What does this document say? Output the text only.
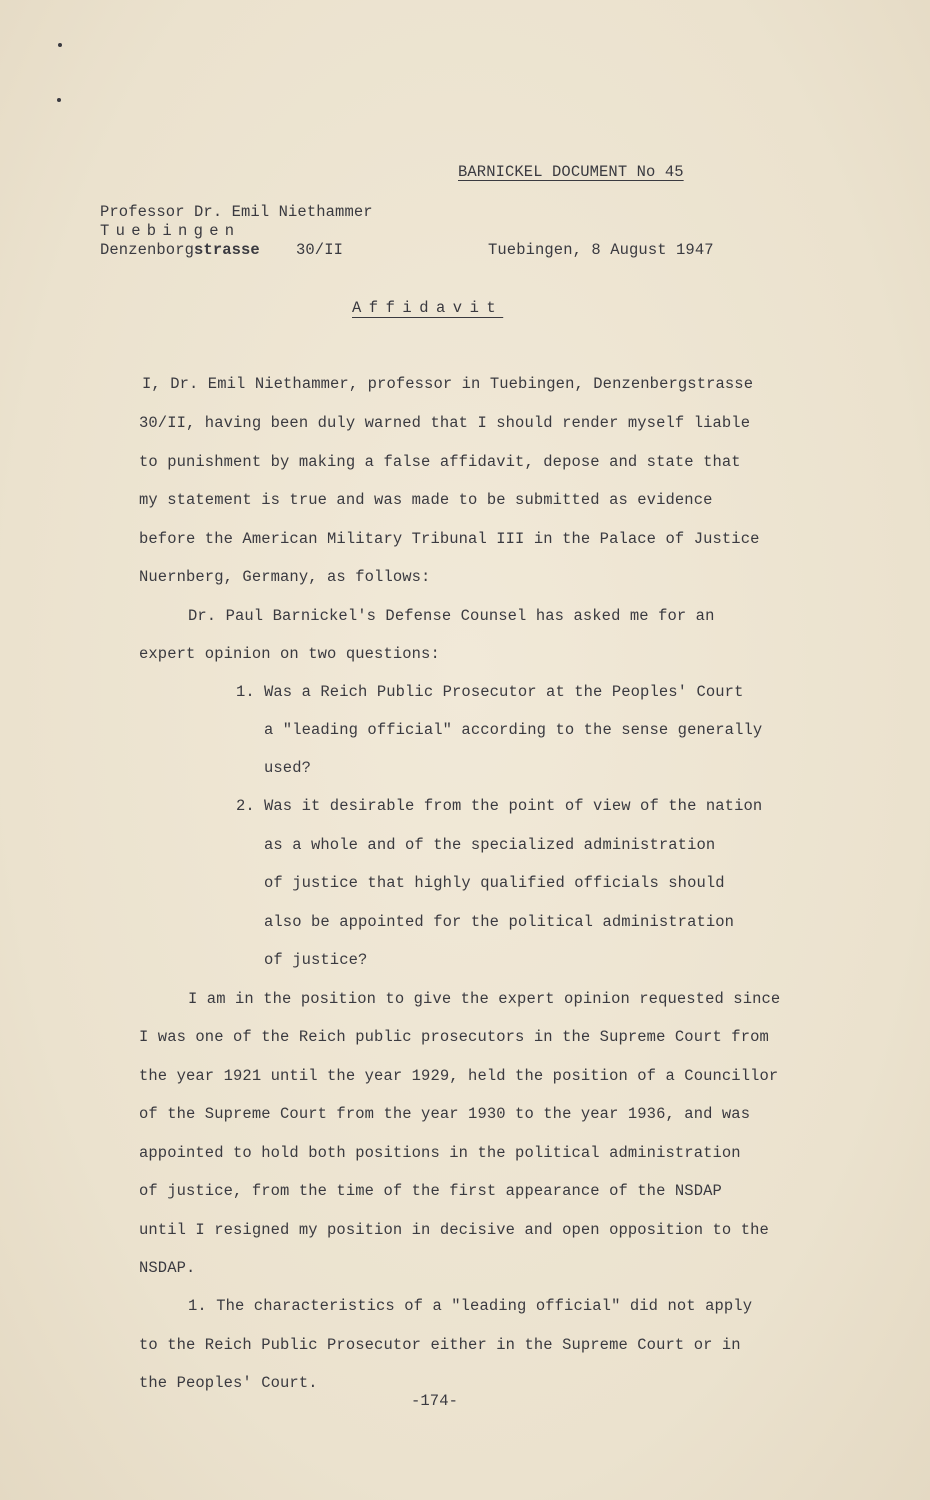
BARNICKEL DOCUMENT No 45
Professor Dr. Emil Niethammer
Tuebingen
Denzenborgstrasse 30/II	Tuebingen, 8 August 1947
Affidavit
I, Dr. Emil Niethammer, professor in Tuebingen, Denzenbergstrasse
30/II, having been duly warned that I should render myself liable
to punishment by making a false affidavit, depose and state that
my statement is true and was made to be submitted as evidence
before the American Military Tribunal III in the Palace of Justice
Nuernberg, Germany, as follows:
Dr. Paul Barnickel's Defense Counsel has asked me for an
expert opinion on two questions:
1. Was a Reich Public Prosecutor at the Peoples' Court
a "leading official" according to the sense generally
used?
2. Was it desirable from the point of view of the nation
as a whole and of the specialized administration
of justice that highly qualified officials should
also be appointed for the political administration
of justice?
I am in the position to give the expert opinion requested since
I was one of the Reich public prosecutors in the Supreme Court from
the year 1921 until the year 1929, held the position of a Councillor
of the Supreme Court from the year 1930 to the year 1936, and was
appointed to hold both positions in the political administration
of justice, from the time of the first appearance of the NSDAP
until I resigned my position in decisive and open opposition to the
NSDAP.
1. The characteristics of a "leading official" did not apply
to the Reich Public Prosecutor either in the Supreme Court or in
the Peoples' Court.
-174-
